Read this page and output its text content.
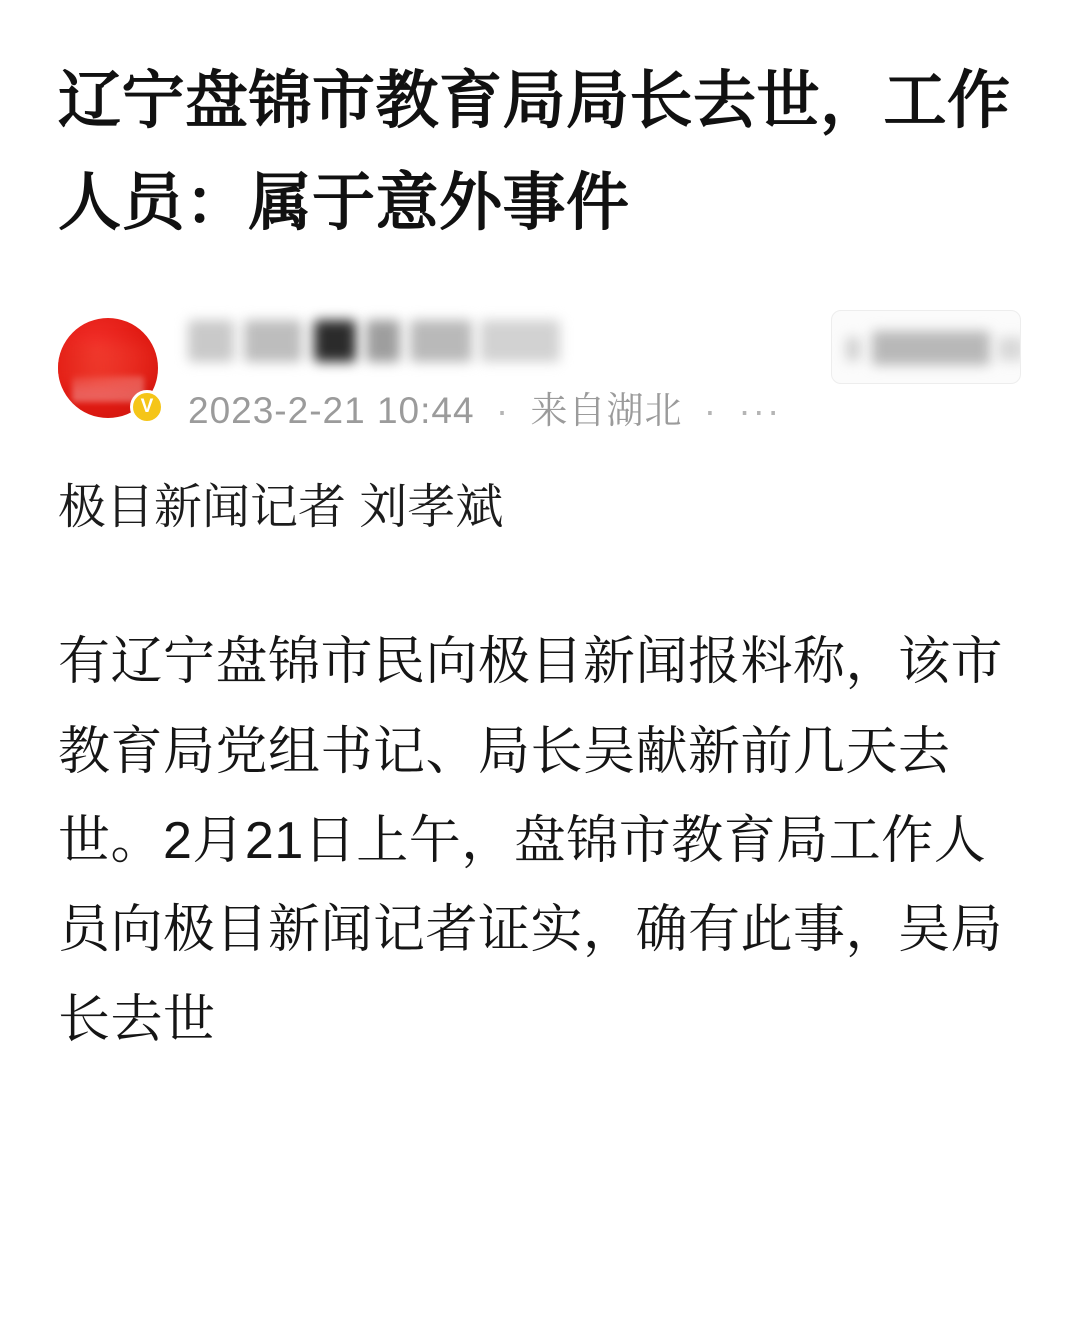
辽宁盘锦市教育局局长去世，工作人员：属于意外事件
V 2023-2-21 10:44 · 来自湖北 · ···
极目新闻记者 刘孝斌
有辽宁盘锦市民向极目新闻报料称，该市教育局党组书记、局长吴献新前几天去世。2月21日上午，盘锦市教育局工作人员向极目新闻记者证实，确有此事，吴局长去世
